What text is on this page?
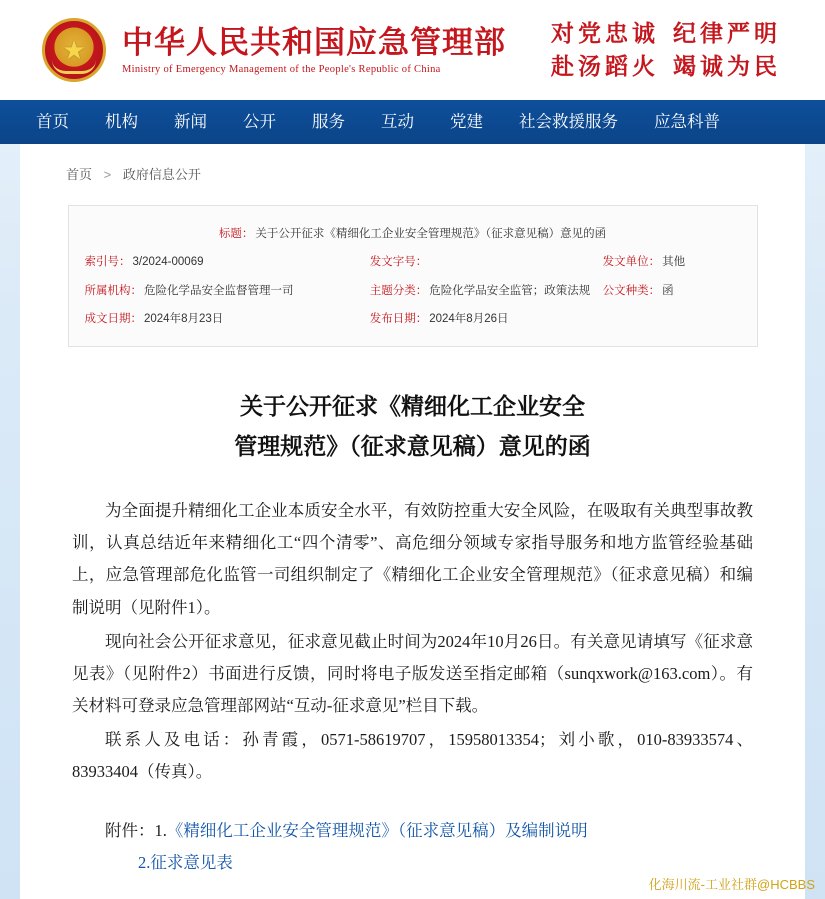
★ 中华人民共和国应急管理部
Ministry of Emergency Management of the People's Republic of China
对党忠诚 纪律严明
赴汤蹈火 竭诚为民
首页	机构	新闻	公开	服务	互动	党建	社会救援服务	应急科普
首页 > 政府信息公开
标题： 关于公开征求《精细化工企业安全管理规范》（征求意见稿）意见的函
索引号： 3/2024-00069	发文字号：	发文单位： 其他
所属机构： 危险化学品安全监督管理一司	主题分类： 危险化学品安全监管；政策法规 公文种类： 函
成文日期： 2024年8月23日	发布日期： 2024年8月26日
关于公开征求《精细化工企业安全
管理规范》（征求意见稿）意见的函

为全面提升精细化工企业本质安全水平，有效防控重大安全风险，在吸取有关典型事故教训，认真总结近年来精细化工“四个清零”、高危细分领域专家指导服务和地方监管经验基础上，应急管理部危化监管一司组织制定了《精细化工企业安全管理规范》（征求意见稿）和编制说明（见附件1）。

现向社会公开征求意见，征求意见截止时间为2024年10月26日。有关意见请填写《征求意见表》（见附件2）书面进行反馈，同时将电子版发送至指定邮箱（sunqxwork@163.com）。有关材料可登录应急管理部网站“互动-征求意见”栏目下载。

联系人及电话：孙青霞，0571-58619707，15958013354；刘小歌，010-83933574、83933404（传真）。

附件：1.《精细化工企业安全管理规范》（征求意见稿）及编制说明
2.征求意见表
化海川流-工业社群@HCBBS
